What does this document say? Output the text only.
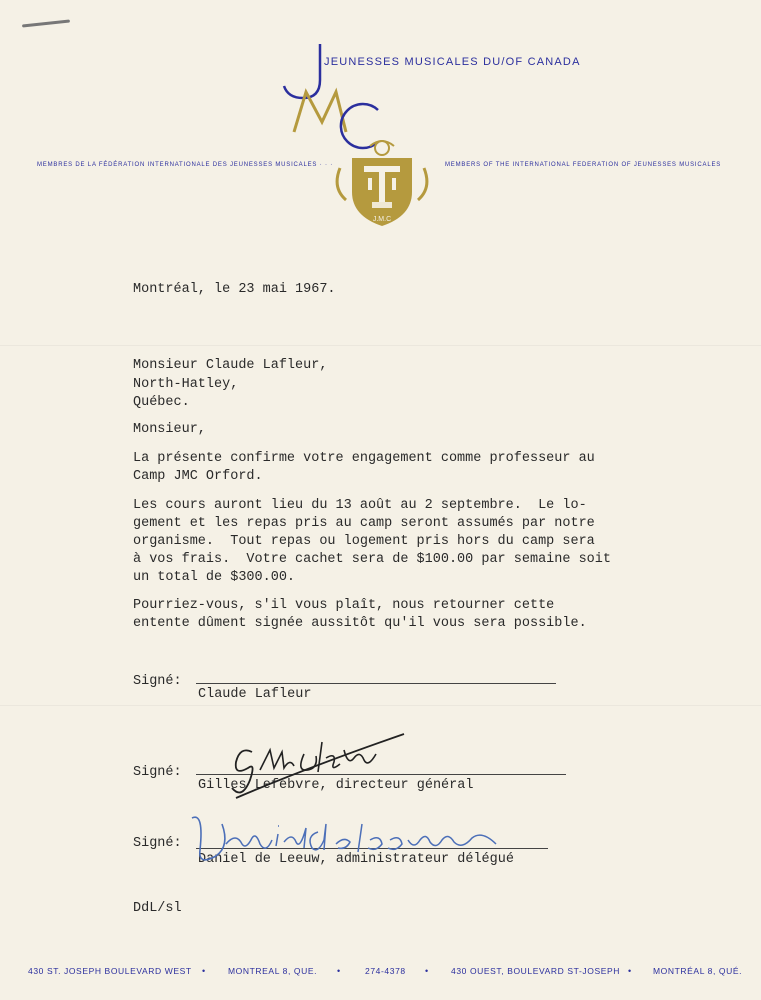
JEUNESSES MUSICALES DU/OF CANADA
MEMBRES DE LA FÉDÉRATION INTERNATIONALE DES JEUNESSES MUSICALES · · ·	MEMBERS OF THE INTERNATIONAL FEDERATION OF JEUNESSES MUSICALES
J.M.C
Montréal, le 23 mai 1967.
Monsieur Claude Lafleur,
North-Hatley,
Québec.
Monsieur,
La présente confirme votre engagement comme professeur au
Camp JMC Orford.
Les cours auront lieu du 13 août au 2 septembre.  Le lo-
gement et les repas pris au camp seront assumés par notre
organisme.  Tout repas ou logement pris hors du camp sera
à vos frais.  Votre cachet sera de $100.00 par semaine soit
un total de $300.00.
Pourriez-vous, s'il vous plaît, nous retourner cette
entente dûment signée aussitôt qu'il vous sera possible.
Signé:
Claude Lafleur
Signé:
Gilles Lefebvre, directeur général
Signé:
Daniel de Leeuw, administrateur délégué
DdL/sl
430 ST. JOSEPH BOULEVARD WEST •	MONTREAL 8, QUE. •	274-4378 •	430 OUEST, BOULEVARD ST-JOSEPH • MONTRÉAL 8, QUÉ.
